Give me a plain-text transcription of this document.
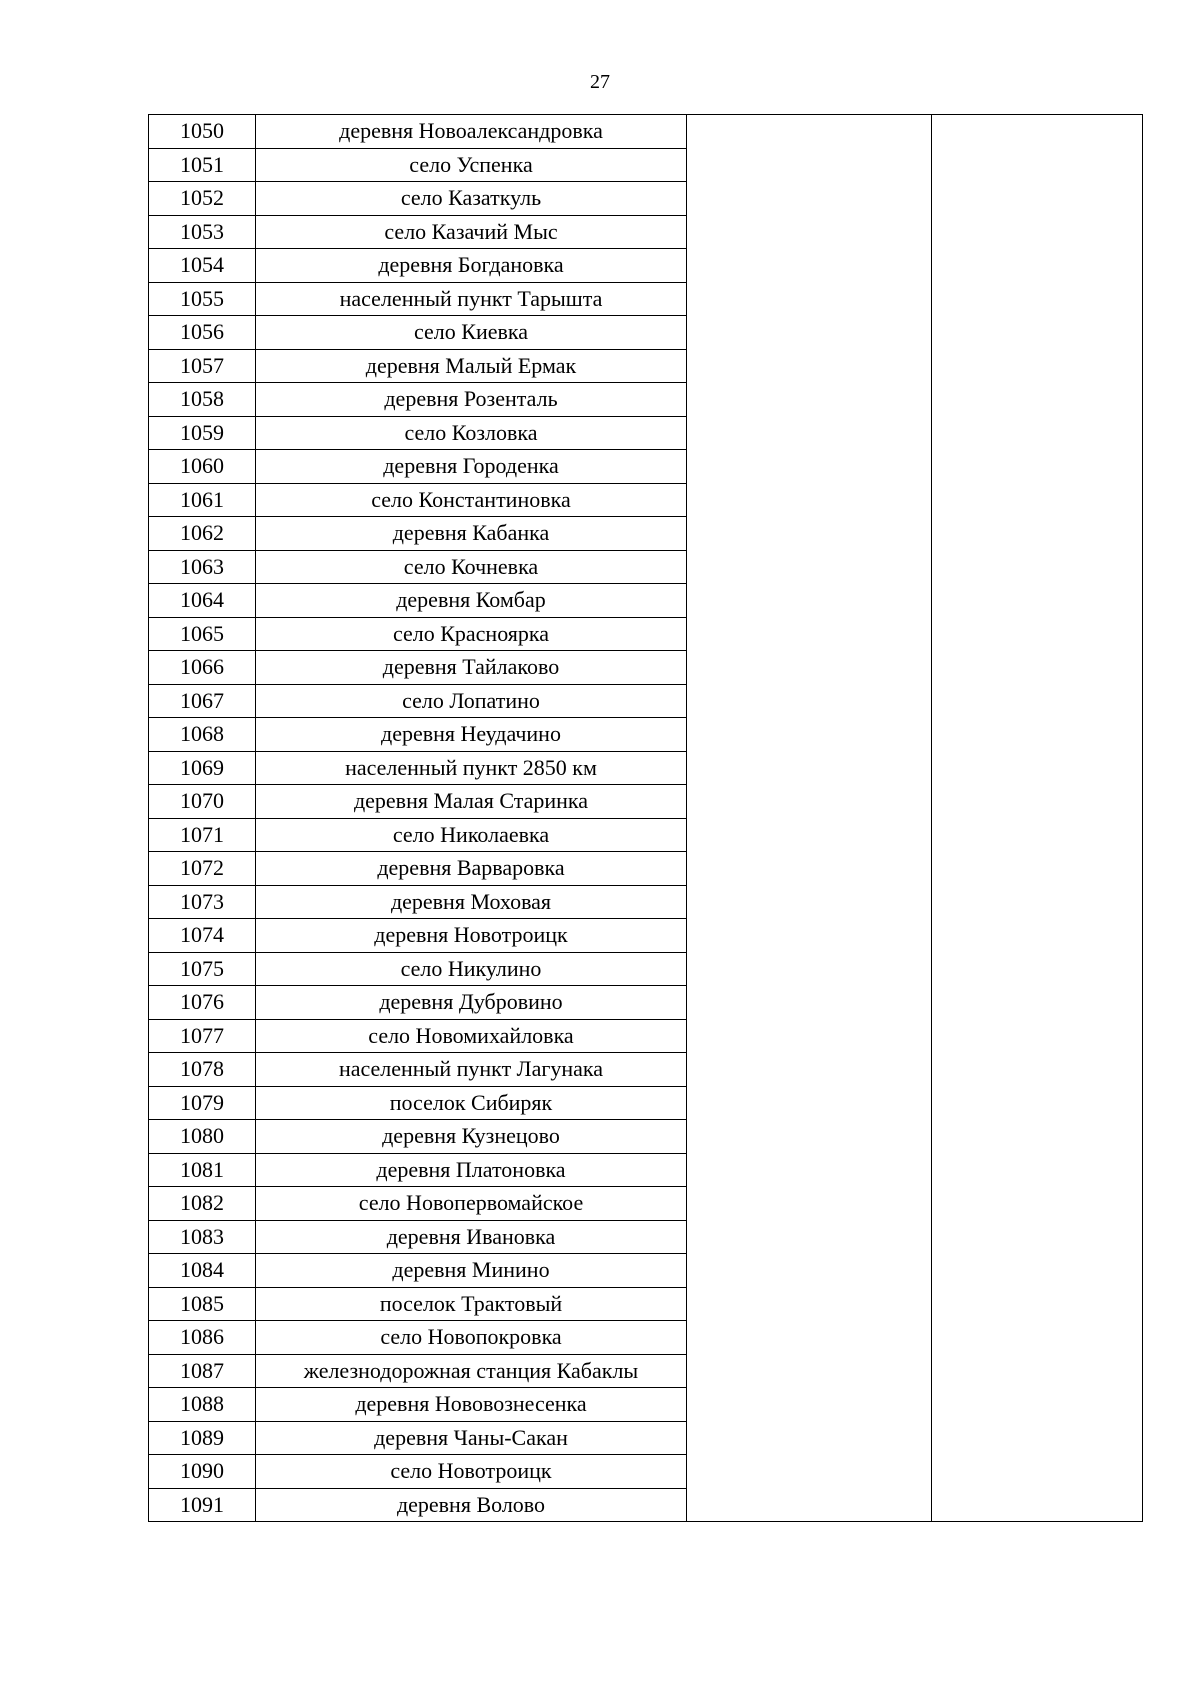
27
1050	деревня Новоалександровка		
1051	село Успенка		
1052	село Казаткуль		
1053	село Казачий Мыс		
1054	деревня Богдановка		
1055	населенный пункт Тарышта		
1056	село Киевка		
1057	деревня Малый Ермак		
1058	деревня Розенталь		
1059	село Козловка		
1060	деревня Городенка		
1061	село Константиновка		
1062	деревня Кабанка		
1063	село Кочневка		
1064	деревня Комбар		
1065	село Красноярка		
1066	деревня Тайлаково		
1067	село Лопатино		
1068	деревня Неудачино		
1069	населенный пункт 2850 км		
1070	деревня Малая Старинка		
1071	село Николаевка		
1072	деревня Варваровка		
1073	деревня Моховая		
1074	деревня Новотроицк		
1075	село Никулино		
1076	деревня Дубровино		
1077	село Новомихайловка		
1078	населенный пункт Лагунака		
1079	поселок Сибиряк		
1080	деревня Кузнецово		
1081	деревня Платоновка		
1082	село Новопервомайское		
1083	деревня Ивановка		
1084	деревня Минино		
1085	поселок Трактовый		
1086	село Новопокровка		
1087	железнодорожная станция Кабаклы		
1088	деревня Нововознесенка		
1089	деревня Чаны-Сакан		
1090	село Новотроицк		
1091	деревня Волово		
